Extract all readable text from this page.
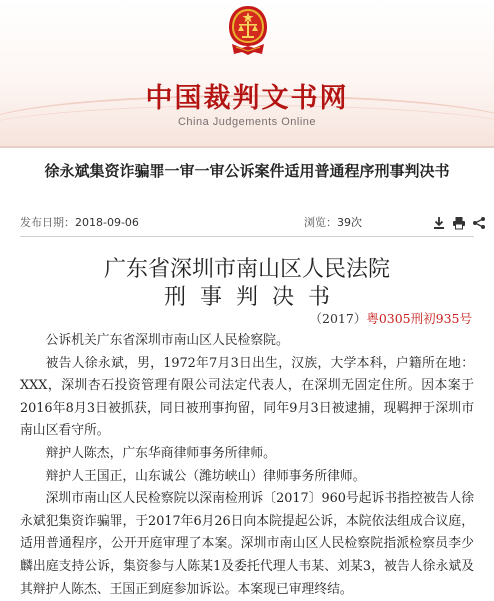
中国裁判文书网
China Judgements Online
徐永斌集资诈骗罪一审一审公诉案件适用普通程序刑事判决书
发布日期：2018-09-06	浏览：39次
广东省深圳市南山区人民法院
刑事判决书
（2017）粤0305刑初935号

公诉机关广东省深圳市南山区人民检察院。

被告人徐永斌，男，1972年7月3日出生，汉族，大学本科，户籍所在地：XXX，深圳杏石投资管理有限公司法定代表人，在深圳无固定住所。因本案于2016年8月3日被抓获，同日被刑事拘留，同年9月3日被逮捕，现羁押于深圳市南山区看守所。

辩护人陈杰，广东华商律师事务所律师。

辩护人王国正，山东诚公（潍坊峡山）律师事务所律师。

深圳市南山区人民检察院以深南检刑诉〔2017〕960号起诉书指控被告人徐永斌犯集资诈骗罪，于2017年6月26日向本院提起公诉，本院依法组成合议庭，适用普通程序，公开开庭审理了本案。深圳市南山区人民检察院指派检察员李少麟出庭支持公诉，集资参与人陈某1及委托代理人韦某、刘某3，被告人徐永斌及其辩护人陈杰、王国正到庭参加诉讼。本案现已审理终结。
